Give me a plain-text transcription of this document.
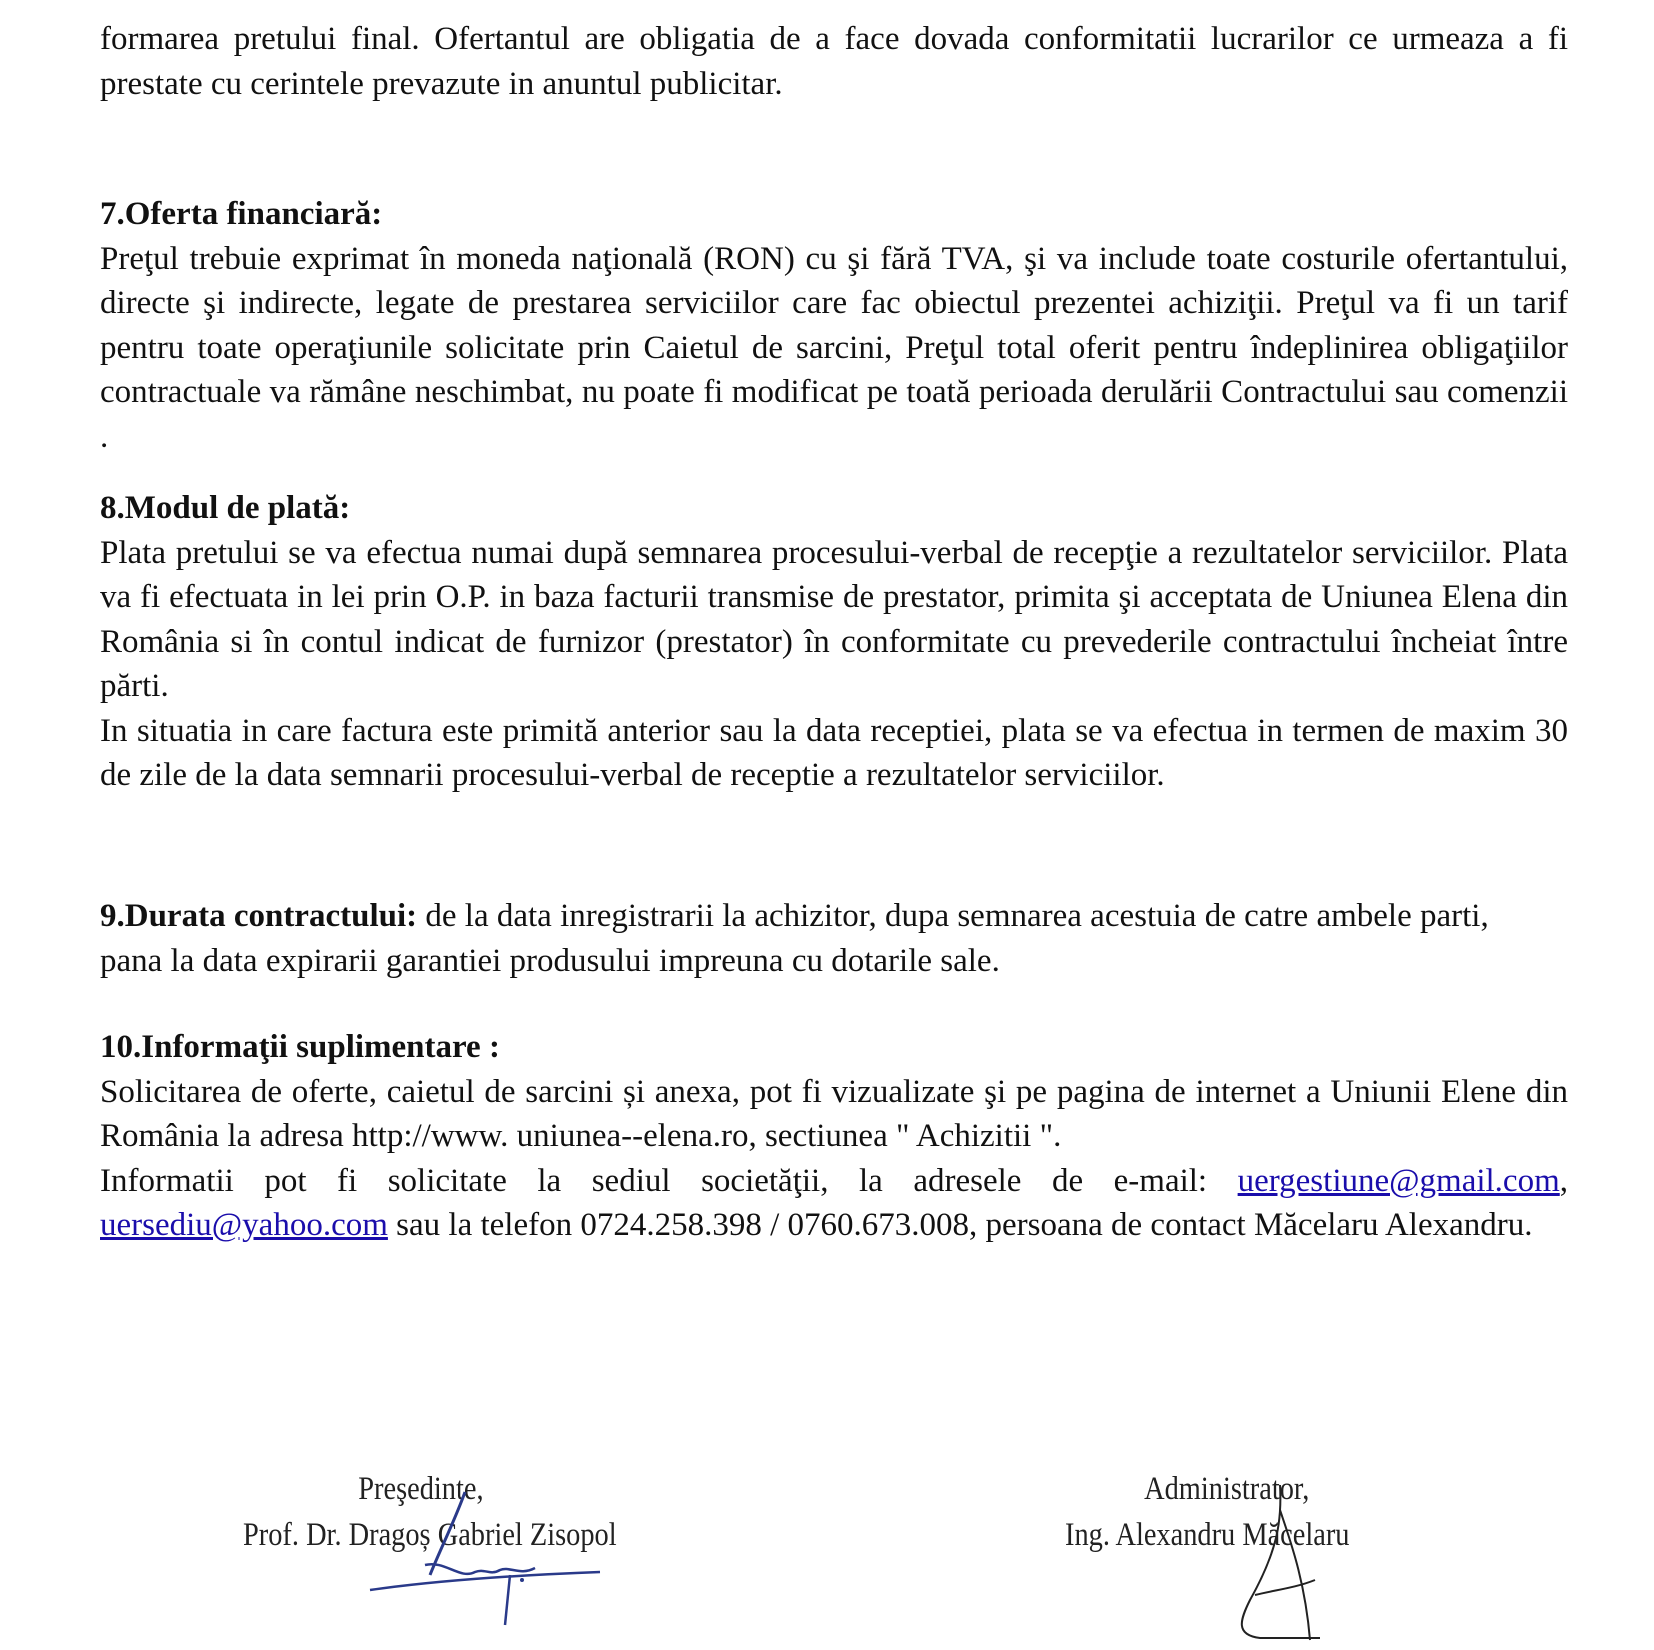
formarea pretului final. Ofertantul are obligatia de a face dovada conformitatii lucrarilor ce urmeaza a fi prestate cu cerintele prevazute in anuntul publicitar.

7.Oferta financiară:

Preţul trebuie exprimat în moneda naţională (RON) cu şi fără TVA, şi va include toate costurile ofertantului, directe şi indirecte, legate de prestarea serviciilor care fac obiectul prezentei achiziţii. Preţul va fi un tarif pentru toate operaţiunile solicitate prin Caietul de sarcini, Preţul total oferit pentru îndeplinirea obligaţiilor contractuale va rămâne neschimbat, nu poate fi modificat pe toată perioada derulării Contractului sau comenzii .

8.Modul de plată:

Plata pretului se va efectua numai după semnarea procesului-verbal de recepţie a rezultatelor serviciilor. Plata va fi efectuata in lei prin O.P. in baza facturii transmise de prestator, primita şi acceptata de Uniunea Elena din România si în contul indicat de furnizor (prestator) în conformitate cu prevederile contractului încheiat între părti.

In situatia in care factura este primită anterior sau la data receptiei, plata se va efectua in termen de maxim 30 de zile de la data semnarii procesului-verbal de receptie a rezultatelor serviciilor.

9.Durata contractului: de la data inregistrarii la achizitor, dupa semnarea acestuia de catre ambele parti, pana la data expirarii garantiei produsului impreuna cu dotarile sale.

10.Informaţii suplimentare :

Solicitarea de oferte, caietul de sarcini și anexa, pot fi vizualizate şi pe pagina de internet a Uniunii Elene din România la adresa http://www. uniunea--elena.ro, sectiunea " Achizitii ".

Informatii pot fi solicitate la sediul societăţii, la adresele de e-mail: uergestiune@gmail.com, uersediu@yahoo.com sau la telefon 0724.258.398 / 0760.673.008, persoana de contact Măcelaru Alexandru.

Preşedinte,
Prof. Dr. Dragoș Gabriel Zisopol
Administrator,
Ing. Alexandru Măcelaru
